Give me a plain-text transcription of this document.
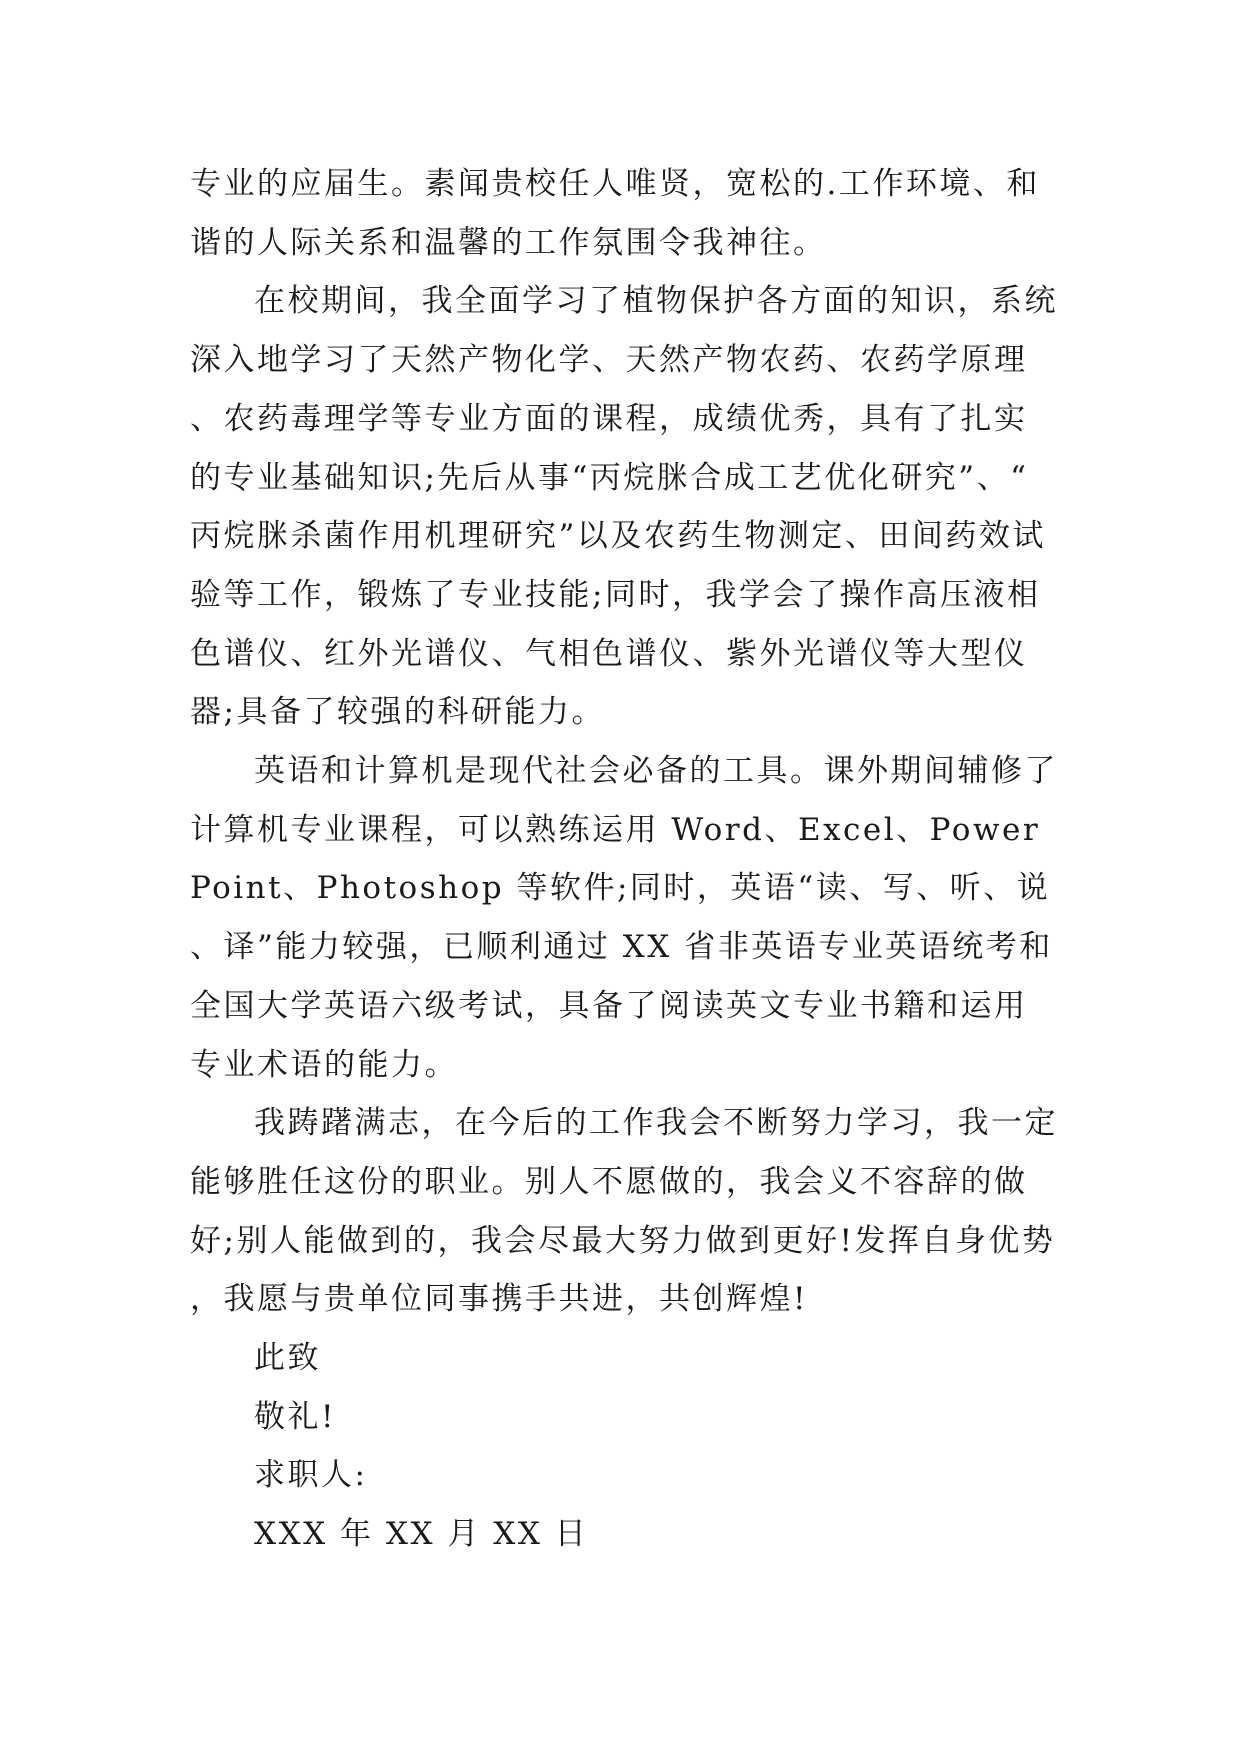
专业的应届生。素闻贵校任人唯贤，宽松的.工作环境、和谐的人际关系和温馨的工作氛围令我神往。

在校期间，我全面学习了植物保护各方面的知识，系统深入地学习了天然产物化学、天然产物农药、农药学原理、农药毒理学等专业方面的课程，成绩优秀，具有了扎实的专业基础知识;先后从事“丙烷脒合成工艺优化研究”、“丙烷脒杀菌作用机理研究”以及农药生物测定、田间药效试验等工作，锻炼了专业技能;同时，我学会了操作高压液相色谱仪、红外光谱仪、气相色谱仪、紫外光谱仪等大型仪器;具备了较强的科研能力。

英语和计算机是现代社会必备的工具。课外期间辅修了计算机专业课程，可以熟练运用 Word、Excel、PowerPoint、Photoshop 等软件;同时，英语“读、写、听、说、译”能力较强，已顺利通过 XX 省非英语专业英语统考和全国大学英语六级考试，具备了阅读英文专业书籍和运用专业术语的能力。

我踌躇满志，在今后的工作我会不断努力学习，我一定能够胜任这份的职业。别人不愿做的，我会义不容辞的做好;别人能做到的，我会尽最大努力做到更好!发挥自身优势，我愿与贵单位同事携手共进，共创辉煌!

此致

敬礼!

求职人:

XXX 年 XX 月 XX 日
